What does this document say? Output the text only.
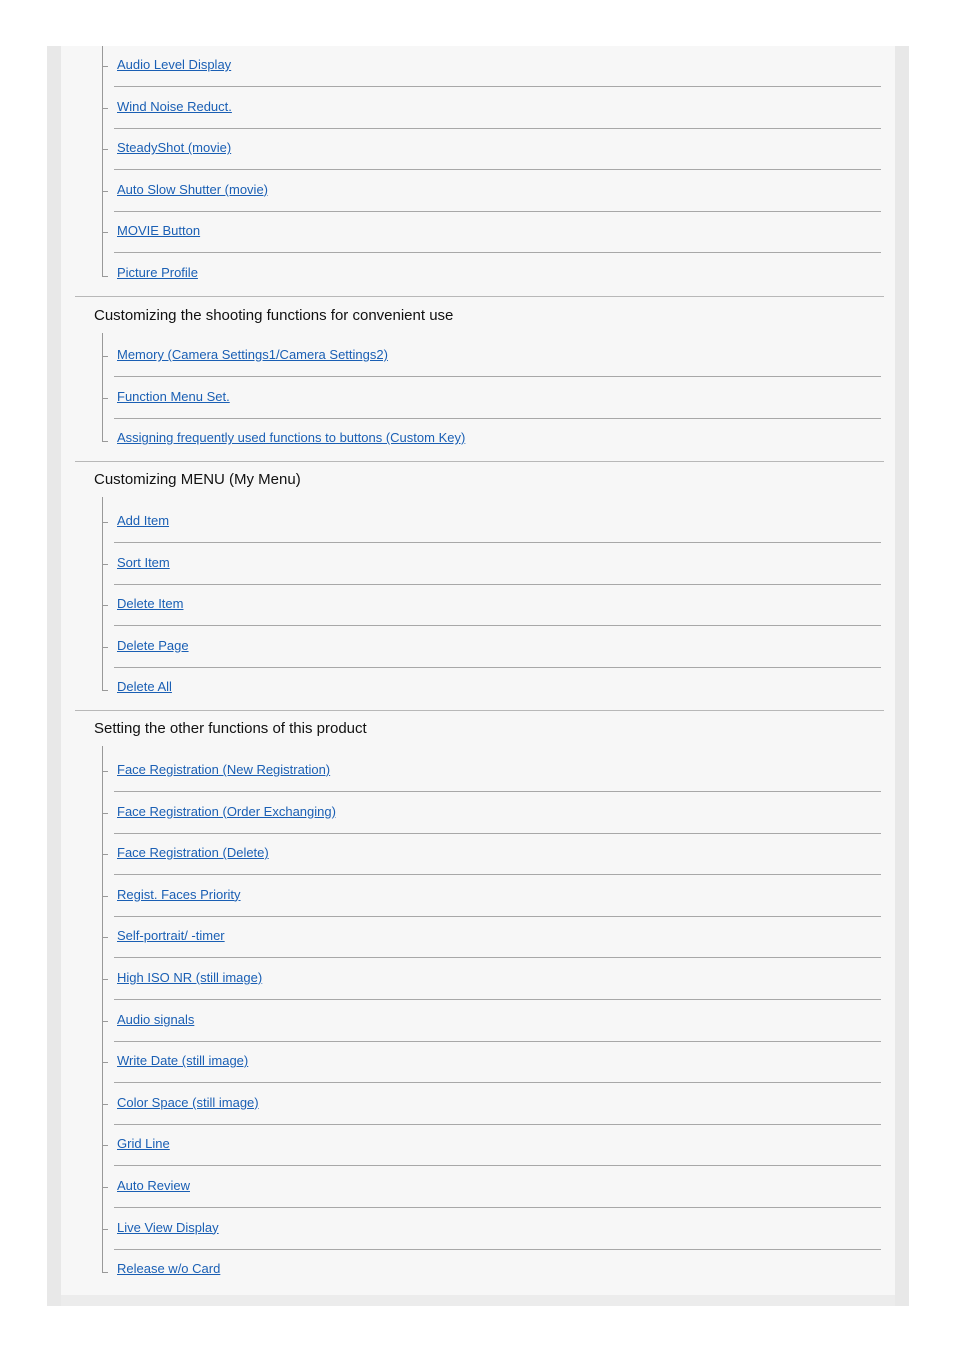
Audio Level Display
Wind Noise Reduct.
SteadyShot (movie)
Auto Slow Shutter (movie)
MOVIE Button
Picture Profile
Customizing the shooting functions for convenient use
Memory (Camera Settings1/Camera Settings2)
Function Menu Set.
Assigning frequently used functions to buttons (Custom Key)
Customizing MENU (My Menu)
Add Item
Sort Item
Delete Item
Delete Page
Delete All
Setting the other functions of this product
Face Registration (New Registration)
Face Registration (Order Exchanging)
Face Registration (Delete)
Regist. Faces Priority
Self-portrait/ -timer
High ISO NR (still image)
Audio signals
Write Date (still image)
Color Space (still image)
Grid Line
Auto Review
Live View Display
Release w/o Card
